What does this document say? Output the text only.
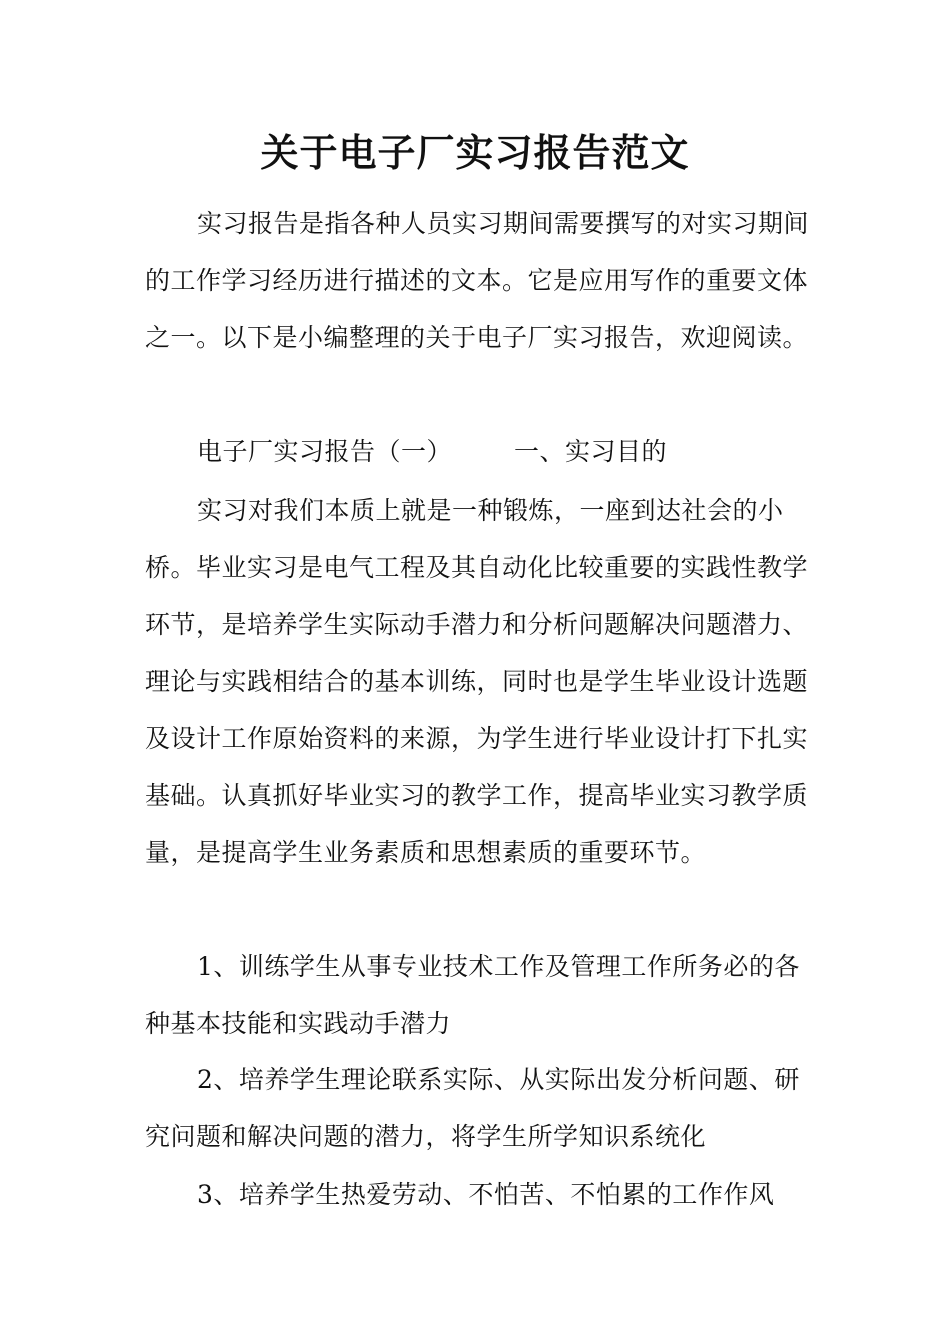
关于电子厂实习报告范文

实习报告是指各种人员实习期间需要撰写的对实习期间的工作学习经历进行描述的文本。它是应用写作的重要文体之一。以下是小编整理的关于电子厂实习报告，欢迎阅读。

电子厂实习报告（一） 一、实习目的

实习对我们本质上就是一种锻炼，一座到达社会的小桥。毕业实习是电气工程及其自动化比较重要的实践性教学环节，是培养学生实际动手潜力和分析问题解决问题潜力、理论与实践相结合的基本训练，同时也是学生毕业设计选题及设计工作原始资料的来源，为学生进行毕业设计打下扎实基础。认真抓好毕业实习的教学工作，提高毕业实习教学质量，是提高学生业务素质和思想素质的重要环节。

1、训练学生从事专业技术工作及管理工作所务必的各种基本技能和实践动手潜力

2、培养学生理论联系实际、从实际出发分析问题、研究问题和解决问题的潜力，将学生所学知识系统化

3、培养学生热爱劳动、不怕苦、不怕累的工作作风
